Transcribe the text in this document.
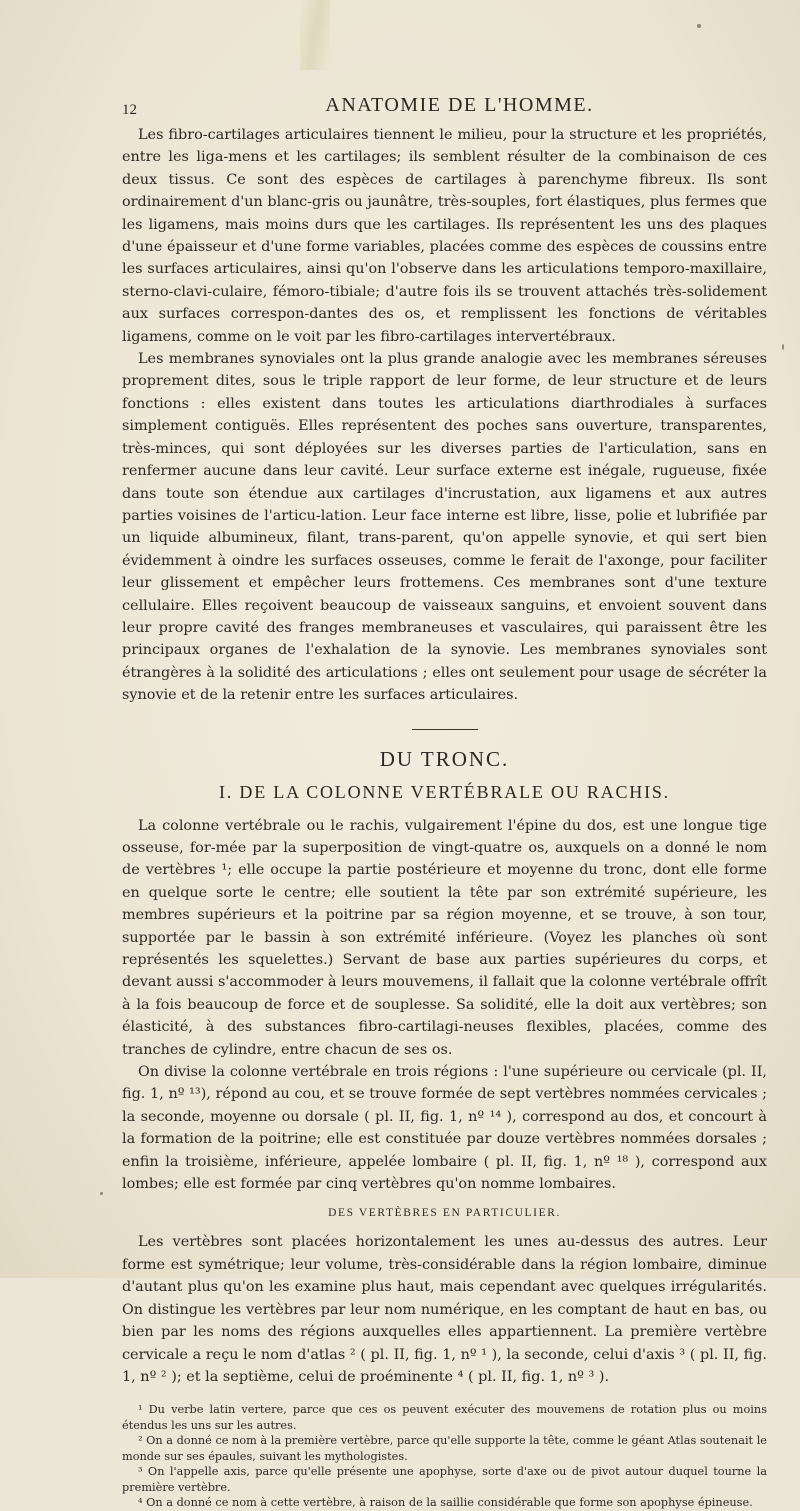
12	ANATOMIE DE L'HOMME.

Les fibro-cartilages articulaires tiennent le milieu, pour la structure et les propriétés, entre les liga-mens et les cartilages; ils semblent résulter de la combinaison de ces deux tissus. Ce sont des espèces de cartilages à parenchyme fibreux. Ils sont ordinairement d'un blanc-gris ou jaunâtre, très-souples, fort élastiques, plus fermes que les ligamens, mais moins durs que les cartilages. Ils représentent les uns des plaques d'une épaisseur et d'une forme variables, placées comme des espèces de coussins entre les surfaces articulaires, ainsi qu'on l'observe dans les articulations temporo-maxillaire, sterno-clavi-culaire, fémoro-tibiale; d'autre fois ils se trouvent attachés très-solidement aux surfaces correspon-dantes des os, et remplissent les fonctions de véritables ligamens, comme on le voit par les fibro-cartilages intervertébraux.

Les membranes synoviales ont la plus grande analogie avec les membranes séreuses proprement dites, sous le triple rapport de leur forme, de leur structure et de leurs fonctions : elles existent dans toutes les articulations diarthrodiales à surfaces simplement contiguës. Elles représentent des poches sans ouverture, transparentes, très-minces, qui sont déployées sur les diverses parties de l'articulation, sans en renfermer aucune dans leur cavité. Leur surface externe est inégale, rugueuse, fixée dans toute son étendue aux cartilages d'incrustation, aux ligamens et aux autres parties voisines de l'articu-lation. Leur face interne est libre, lisse, polie et lubrifiée par un liquide albumineux, filant, trans-parent, qu'on appelle synovie, et qui sert bien évidemment à oindre les surfaces osseuses, comme le ferait de l'axonge, pour faciliter leur glissement et empêcher leurs frottemens. Ces membranes sont d'une texture cellulaire. Elles reçoivent beaucoup de vaisseaux sanguins, et envoient souvent dans leur propre cavité des franges membraneuses et vasculaires, qui paraissent être les principaux organes de l'exhalation de la synovie. Les membranes synoviales sont étrangères à la solidité des articulations ; elles ont seulement pour usage de sécréter la synovie et de la retenir entre les surfaces articulaires.

DU TRONC.
I. DE LA COLONNE VERTÉBRALE OU RACHIS.

La colonne vertébrale ou le rachis, vulgairement l'épine du dos, est une longue tige osseuse, for-mée par la superposition de vingt-quatre os, auxquels on a donné le nom de vertèbres ¹; elle occupe la partie postérieure et moyenne du tronc, dont elle forme en quelque sorte le centre; elle soutient la tête par son extrémité supérieure, les membres supérieurs et la poitrine par sa région moyenne, et se trouve, à son tour, supportée par le bassin à son extrémité inférieure. (Voyez les planches où sont représentés les squelettes.) Servant de base aux parties supérieures du corps, et devant aussi s'accommoder à leurs mouvemens, il fallait que la colonne vertébrale offrît à la fois beaucoup de force et de souplesse. Sa solidité, elle la doit aux vertèbres; son élasticité, à des substances fibro-cartilagi-neuses flexibles, placées, comme des tranches de cylindre, entre chacun de ses os.

On divise la colonne vertébrale en trois régions : l'une supérieure ou cervicale (pl. II, fig. 1, nº ¹³), répond au cou, et se trouve formée de sept vertèbres nommées cervicales ; la seconde, moyenne ou dorsale ( pl. II, fig. 1, nº ¹⁴ ), correspond au dos, et concourt à la formation de la poitrine; elle est constituée par douze vertèbres nommées dorsales ; enfin la troisième, inférieure, appelée lombaire ( pl. II, fig. 1, nº ¹⁸ ), correspond aux lombes; elle est formée par cinq vertèbres qu'on nomme lombaires.

DES VERTÈBRES EN PARTICULIER.

Les vertèbres sont placées horizontalement les unes au-dessus des autres. Leur forme est symétrique; leur volume, très-considérable dans la région lombaire, diminue d'autant plus qu'on les examine plus haut, mais cependant avec quelques irrégularités. On distingue les vertèbres par leur nom numérique, en les comptant de haut en bas, ou bien par les noms des régions auxquelles elles appartiennent. La première vertèbre cervicale a reçu le nom d'atlas ² ( pl. II, fig. 1, nº ¹ ), la seconde, celui d'axis ³ ( pl. II, fig. 1, nº ² ); et la septième, celui de proéminente ⁴ ( pl. II, fig. 1, nº ³ ).

¹ Du verbe latin vertere, parce que ces os peuvent exécuter des mouvemens de rotation plus ou moins étendus les uns sur les autres.
² On a donné ce nom à la première vertèbre, parce qu'elle supporte la tête, comme le géant Atlas soutenait le monde sur ses épaules, suivant les mythologistes.
³ On l'appelle axis, parce qu'elle présente une apophyse, sorte d'axe ou de pivot autour duquel tourne la première vertèbre.
⁴ On a donné ce nom à cette vertèbre, à raison de la saillie considérable que forme son apophyse épineuse.
